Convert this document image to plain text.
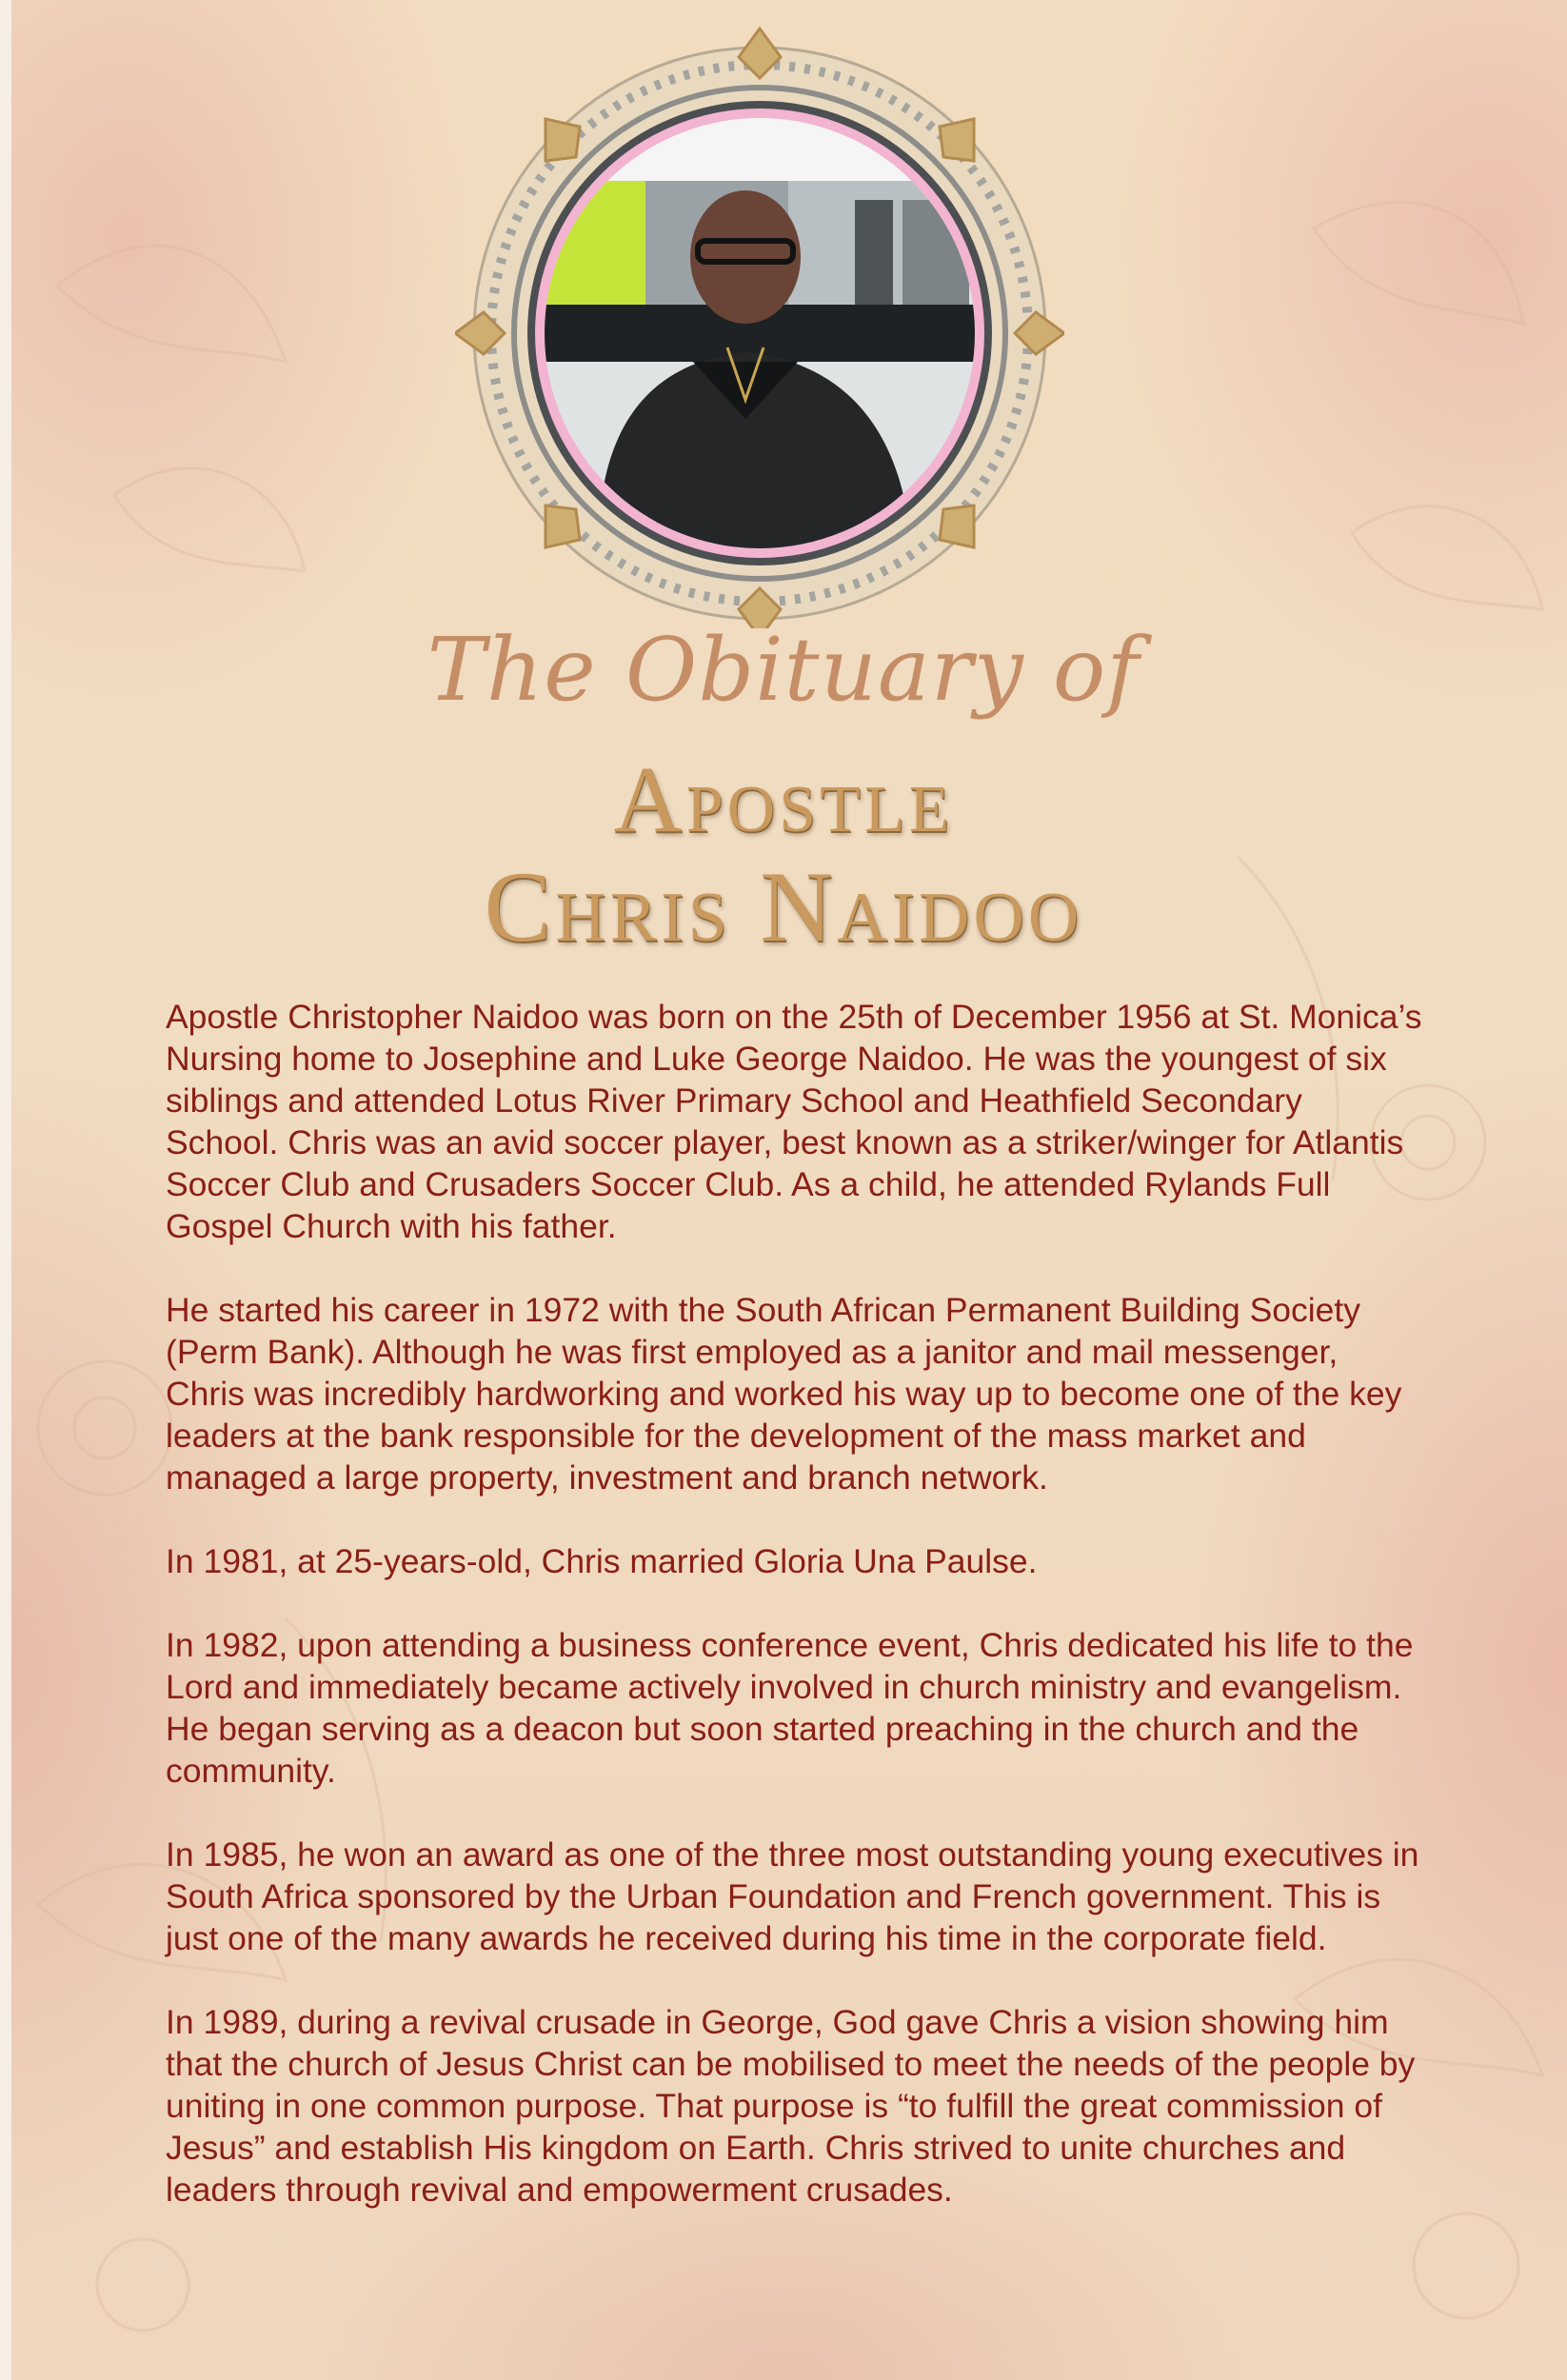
The Obituary of
Apostle
Chris Naidoo

Apostle Christopher Naidoo was born on the 25th of December 1956 at St. Monica’s Nursing home to Josephine and Luke George Naidoo. He was the youngest of six siblings and attended Lotus River Primary School and Heathfield Secondary School. Chris was an avid soccer player, best known as a striker/winger for Atlantis Soccer Club and Crusaders Soccer Club. As a child, he attended Rylands Full Gospel Church with his father.

He started his career in 1972 with the South African Permanent Building Society (Perm Bank). Although he was first employed as a janitor and mail messenger, Chris was incredibly hardworking and worked his way up to become one of the key leaders at the bank responsible for the development of the mass market and managed a large property, investment and branch network.

In 1981, at 25-years-old, Chris married Gloria Una Paulse.

In 1982, upon attending a business conference event, Chris dedicated his life to the Lord and immediately became actively involved in church ministry and evangelism. He began serving as a deacon but soon started preaching in the church and the community.

In 1985, he won an award as one of the three most outstanding young executives in South Africa sponsored by the Urban Foundation and French government. This is just one of the many awards he received during his time in the corporate field.

In 1989, during a revival crusade in George, God gave Chris a vision showing him that the church of Jesus Christ can be mobilised to meet the needs of the people by uniting in one common purpose. That purpose is “to fulfill the great commission of Jesus” and establish His kingdom on Earth. Chris strived to unite churches and leaders through revival and empowerment crusades.
